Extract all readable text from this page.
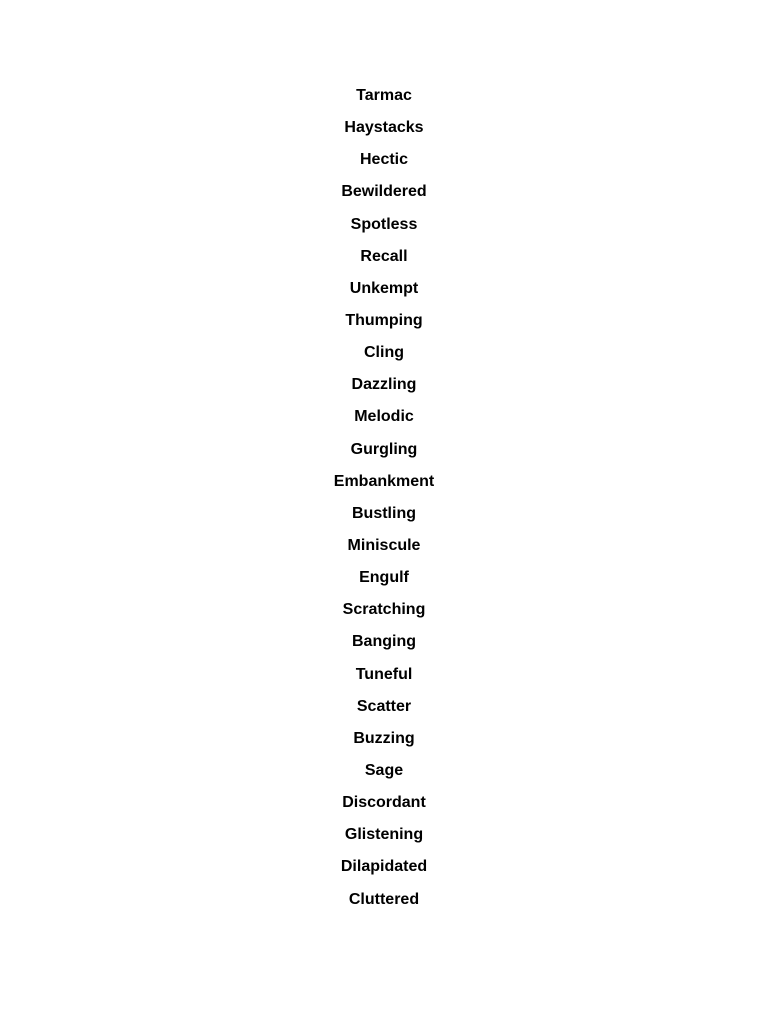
Tarmac
Haystacks
Hectic
Bewildered
Spotless
Recall
Unkempt
Thumping
Cling
Dazzling
Melodic
Gurgling
Embankment
Bustling
Miniscule
Engulf
Scratching
Banging
Tuneful
Scatter
Buzzing
Sage
Discordant
Glistening
Dilapidated
Cluttered
